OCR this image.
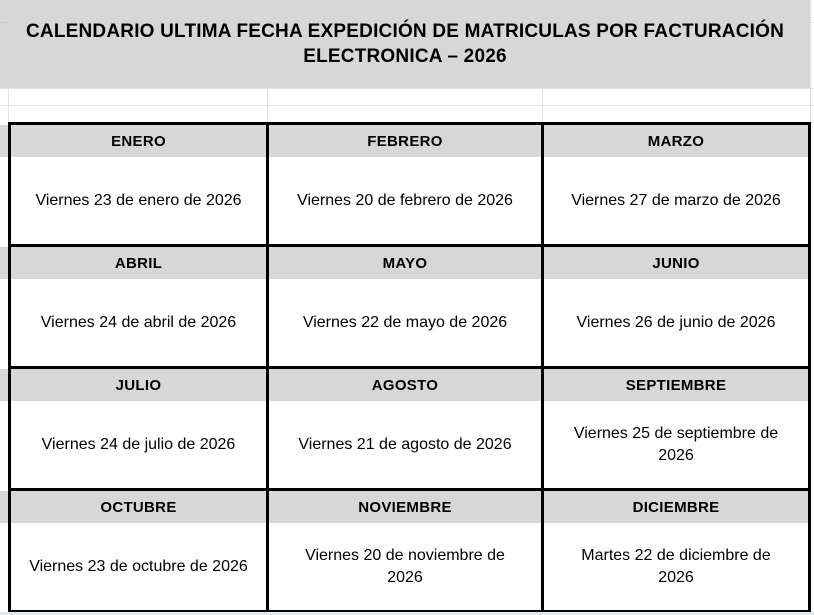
CALENDARIO ULTIMA FECHA EXPEDICIÓN DE MATRICULAS POR FACTURACIÓN
ELECTRONICA – 2026
ENERO
Viernes 23 de enero de 2026
FEBRERO
Viernes 20 de febrero de 2026
MARZO
Viernes 27 de marzo de 2026
ABRIL
Viernes 24 de abril de 2026
MAYO
Viernes 22 de mayo de 2026
JUNIO
Viernes 26 de junio de 2026
JULIO
Viernes 24 de julio de 2026
AGOSTO
Viernes 21 de agosto de 2026
SEPTIEMBRE
Viernes 25 de septiembre de 2026
OCTUBRE
Viernes 23 de octubre de 2026
NOVIEMBRE
Viernes 20 de noviembre de 2026
DICIEMBRE
Martes 22 de diciembre de 2026
